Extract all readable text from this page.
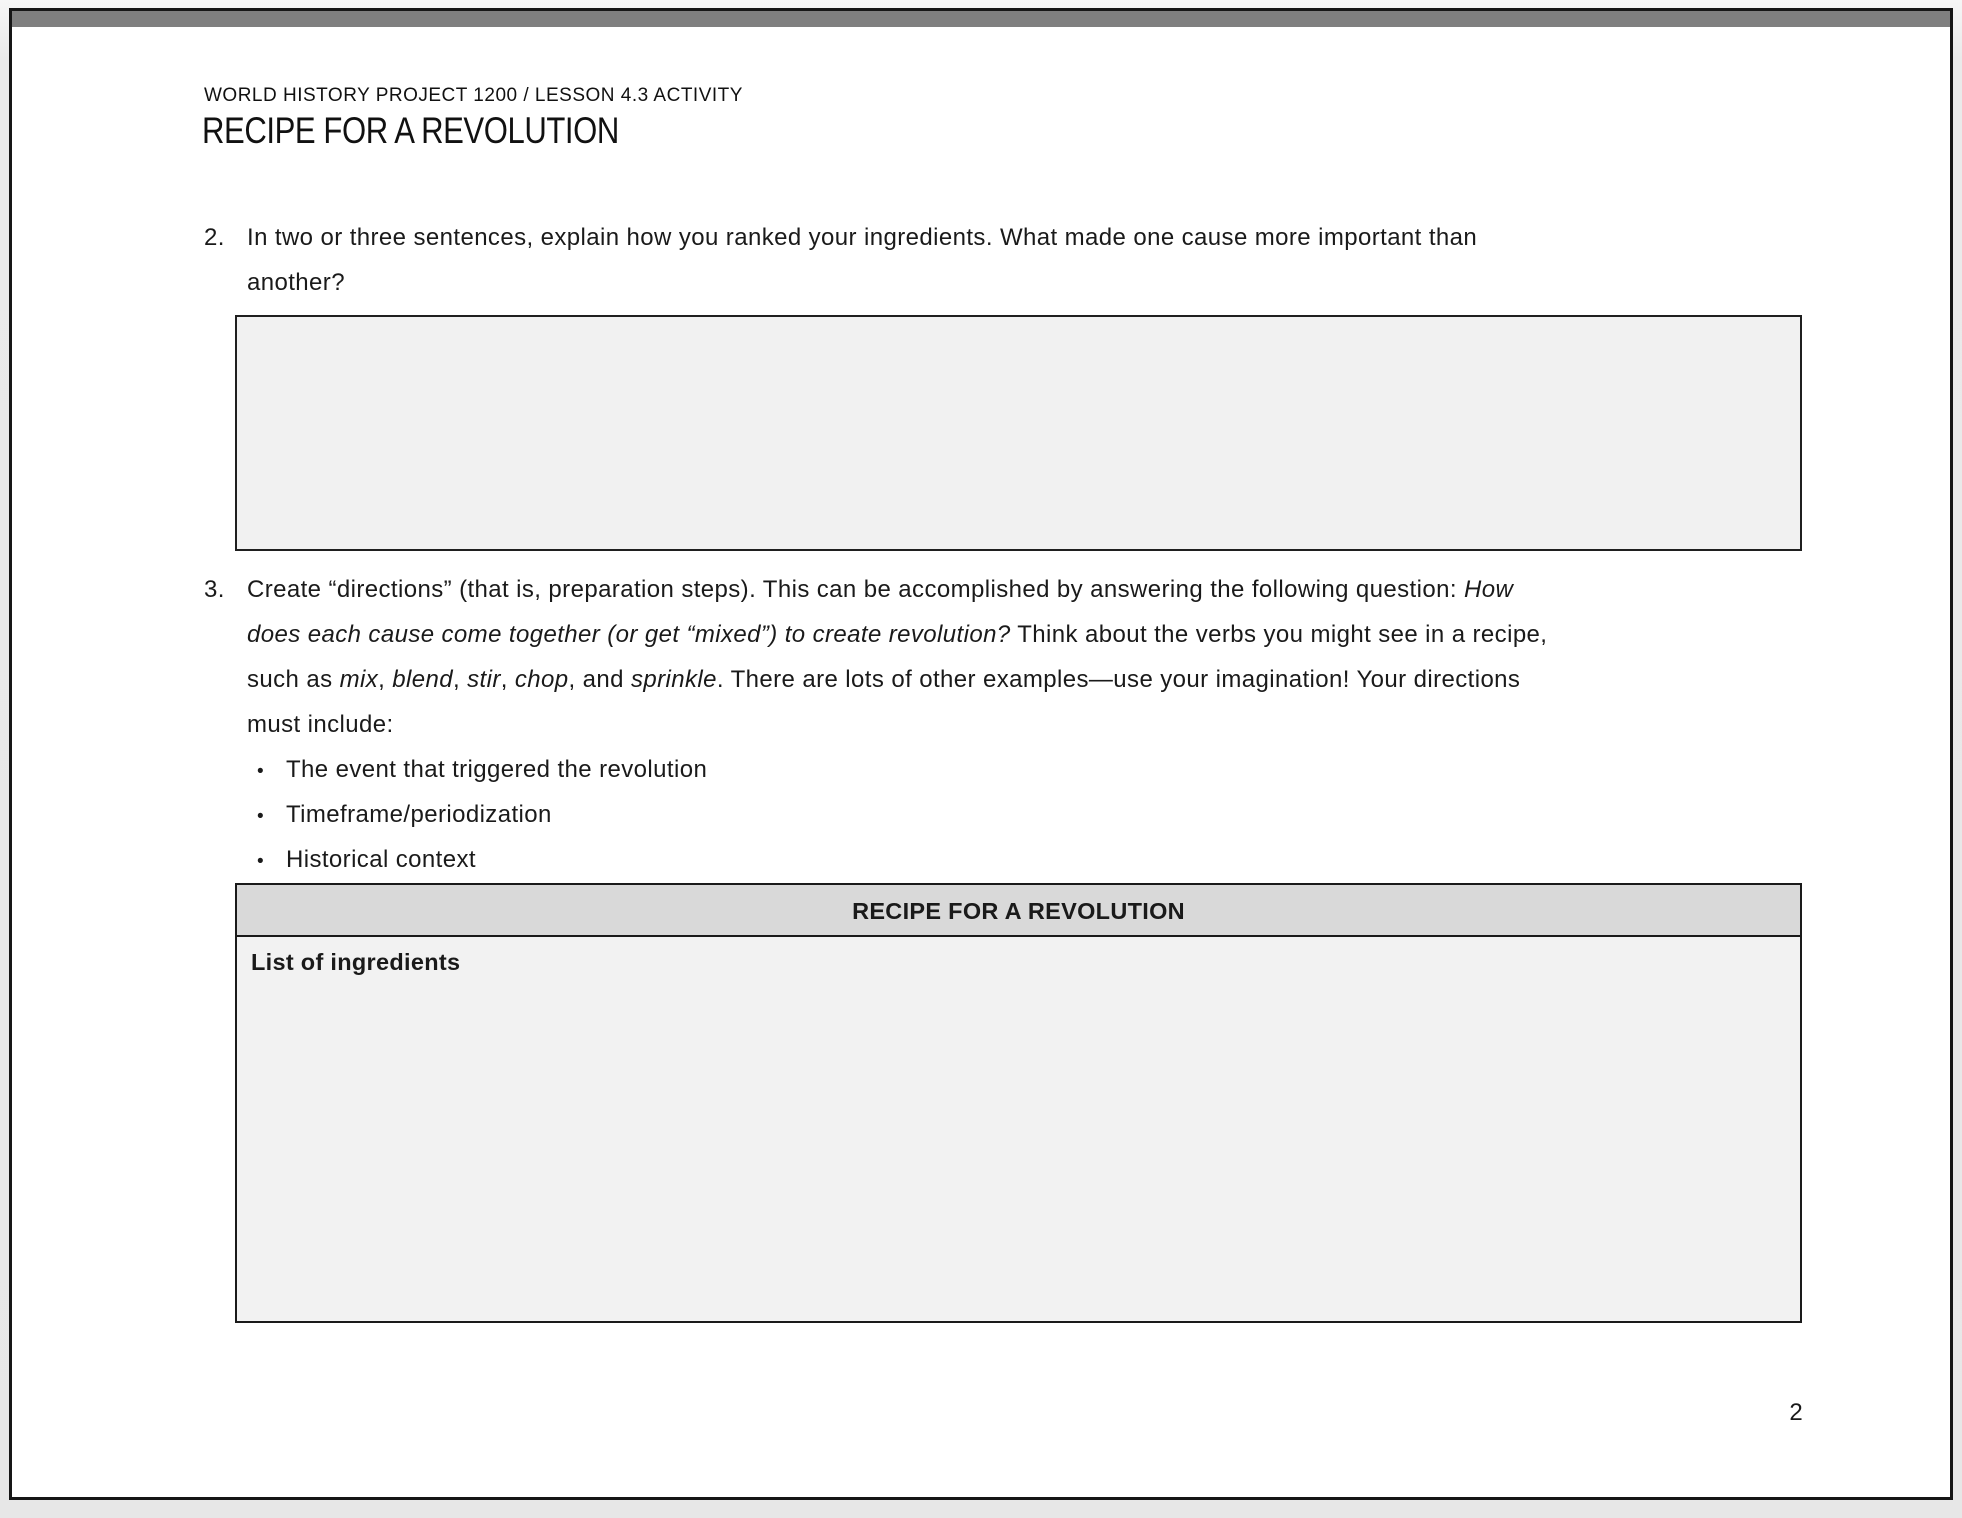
WORLD HISTORY PROJECT 1200 / LESSON 4.3 ACTIVITY
RECIPE FOR A REVOLUTION
2. In two or three sentences, explain how you ranked your ingredients. What made one cause more important than
another?
3. Create “directions” (that is, preparation steps). This can be accomplished by answering the following question: How
does each cause come together (or get “mixed”) to create revolution? Think about the verbs you might see in a recipe,
such as mix, blend, stir, chop, and sprinkle. There are lots of other examples—use your imagination! Your directions
must include:
• The event that triggered the revolution
• Timeframe/periodization
• Historical context
RECIPE FOR A REVOLUTION
List of ingredients
2
